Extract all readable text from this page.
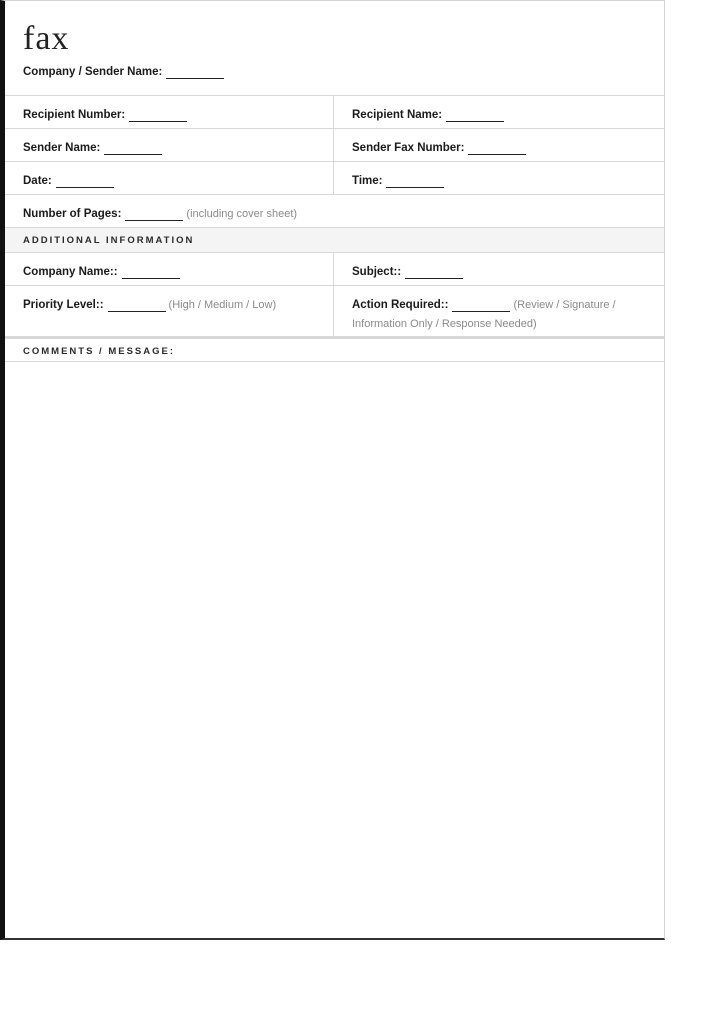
fax
Company / Sender Name:
Recipient Number:	Recipient Name:
Sender Name:	Sender Fax Number:
Date:	Time:
Number of Pages:	(including cover sheet)
ADDITIONAL INFORMATION
Company Name::	Subject::
Priority Level::	(High / Medium / Low)	Action Required::	(Review / Signature /
Information Only / Response Needed)
COMMENTS / MESSAGE:
